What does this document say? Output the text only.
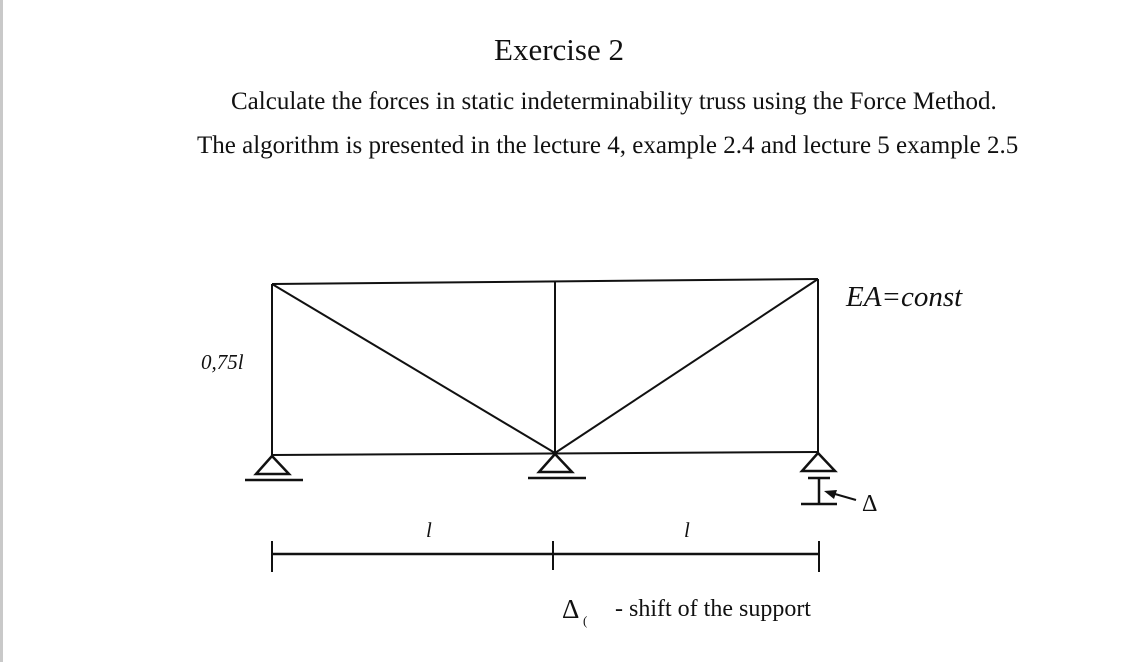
Exercise 2
Calculate the forces in static indeterminability truss using the Force Method.
The algorithm is presented in the lecture 4, example 2.4 and lecture 5 example 2.5
EA=const
0,75l
l	l
Δ
Δ ( - shift of the support
